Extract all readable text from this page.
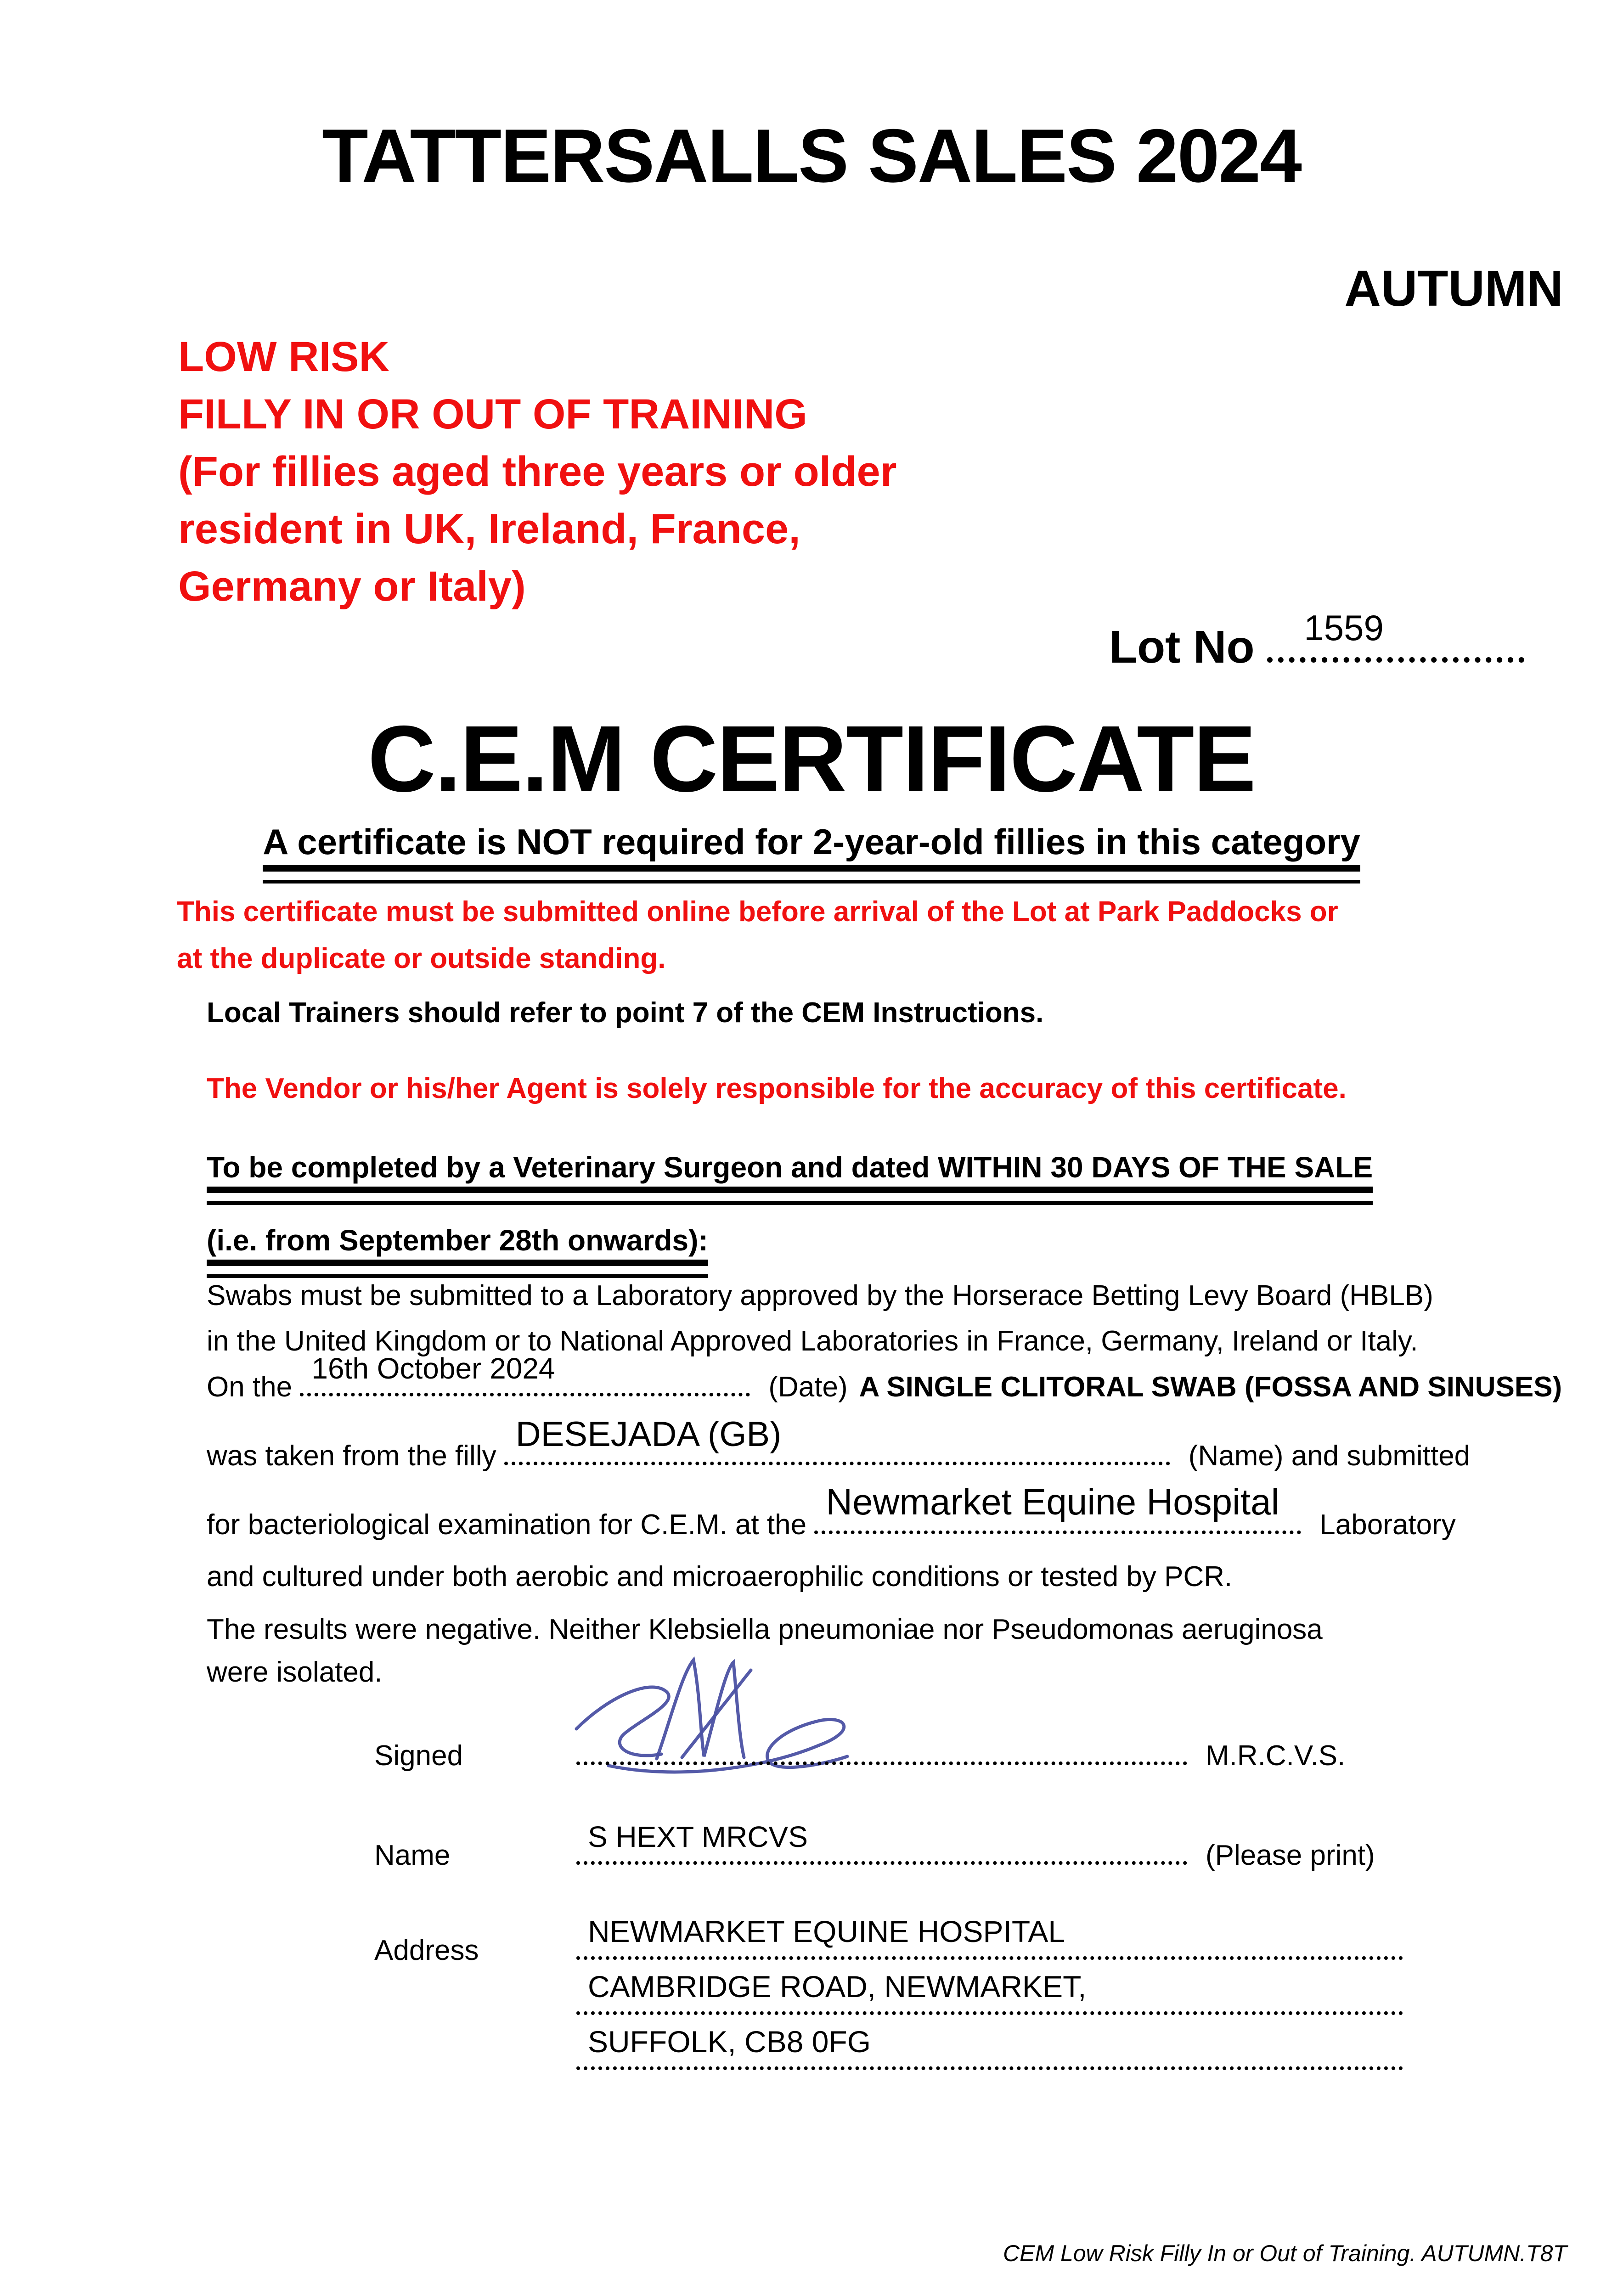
TATTERSALLS SALES 2024
AUTUMN
LOW RISK
FILLY IN OR OUT OF TRAINING
(For fillies aged three years or older
resident in UK, Ireland, France,
Germany or Italy)
Lot No 1559
C.E.M CERTIFICATE
A certificate is NOT required for 2-year-old fillies in this category
This certificate must be submitted online before arrival of the Lot at Park Paddocks or
at the duplicate or outside standing.
Local Trainers should refer to point 7 of the CEM Instructions.
The Vendor or his/her Agent is solely responsible for the accuracy of this certificate.
To be completed by a Veterinary Surgeon and dated WITHIN 30 DAYS OF THE SALE
(i.e. from September 28th onwards):
Swabs must be submitted to a Laboratory approved by the Horserace Betting Levy Board (HBLB)
in the United Kingdom or to National Approved Laboratories in France, Germany, Ireland or Italy.
On the
16th October 2024
(Date) A SINGLE CLITORAL SWAB (FOSSA AND SINUSES)
was taken from the filly
DESEJADA (GB)
(Name) and submitted
for bacteriological examination for C.E.M. at the
Newmarket Equine Hospital
Laboratory
and cultured under both aerobic and microaerophilic conditions or tested by PCR.
The results were negative. Neither Klebsiella pneumoniae nor Pseudomonas aeruginosa
were isolated.
Signed	M.R.C.V.S.
Name
S HEXT MRCVS
(Please print)
Address
NEWMARKET EQUINE HOSPITAL
CAMBRIDGE ROAD, NEWMARKET,
SUFFOLK, CB8 0FG
CEM Low Risk Filly In or Out of Training. AUTUMN.T8T
